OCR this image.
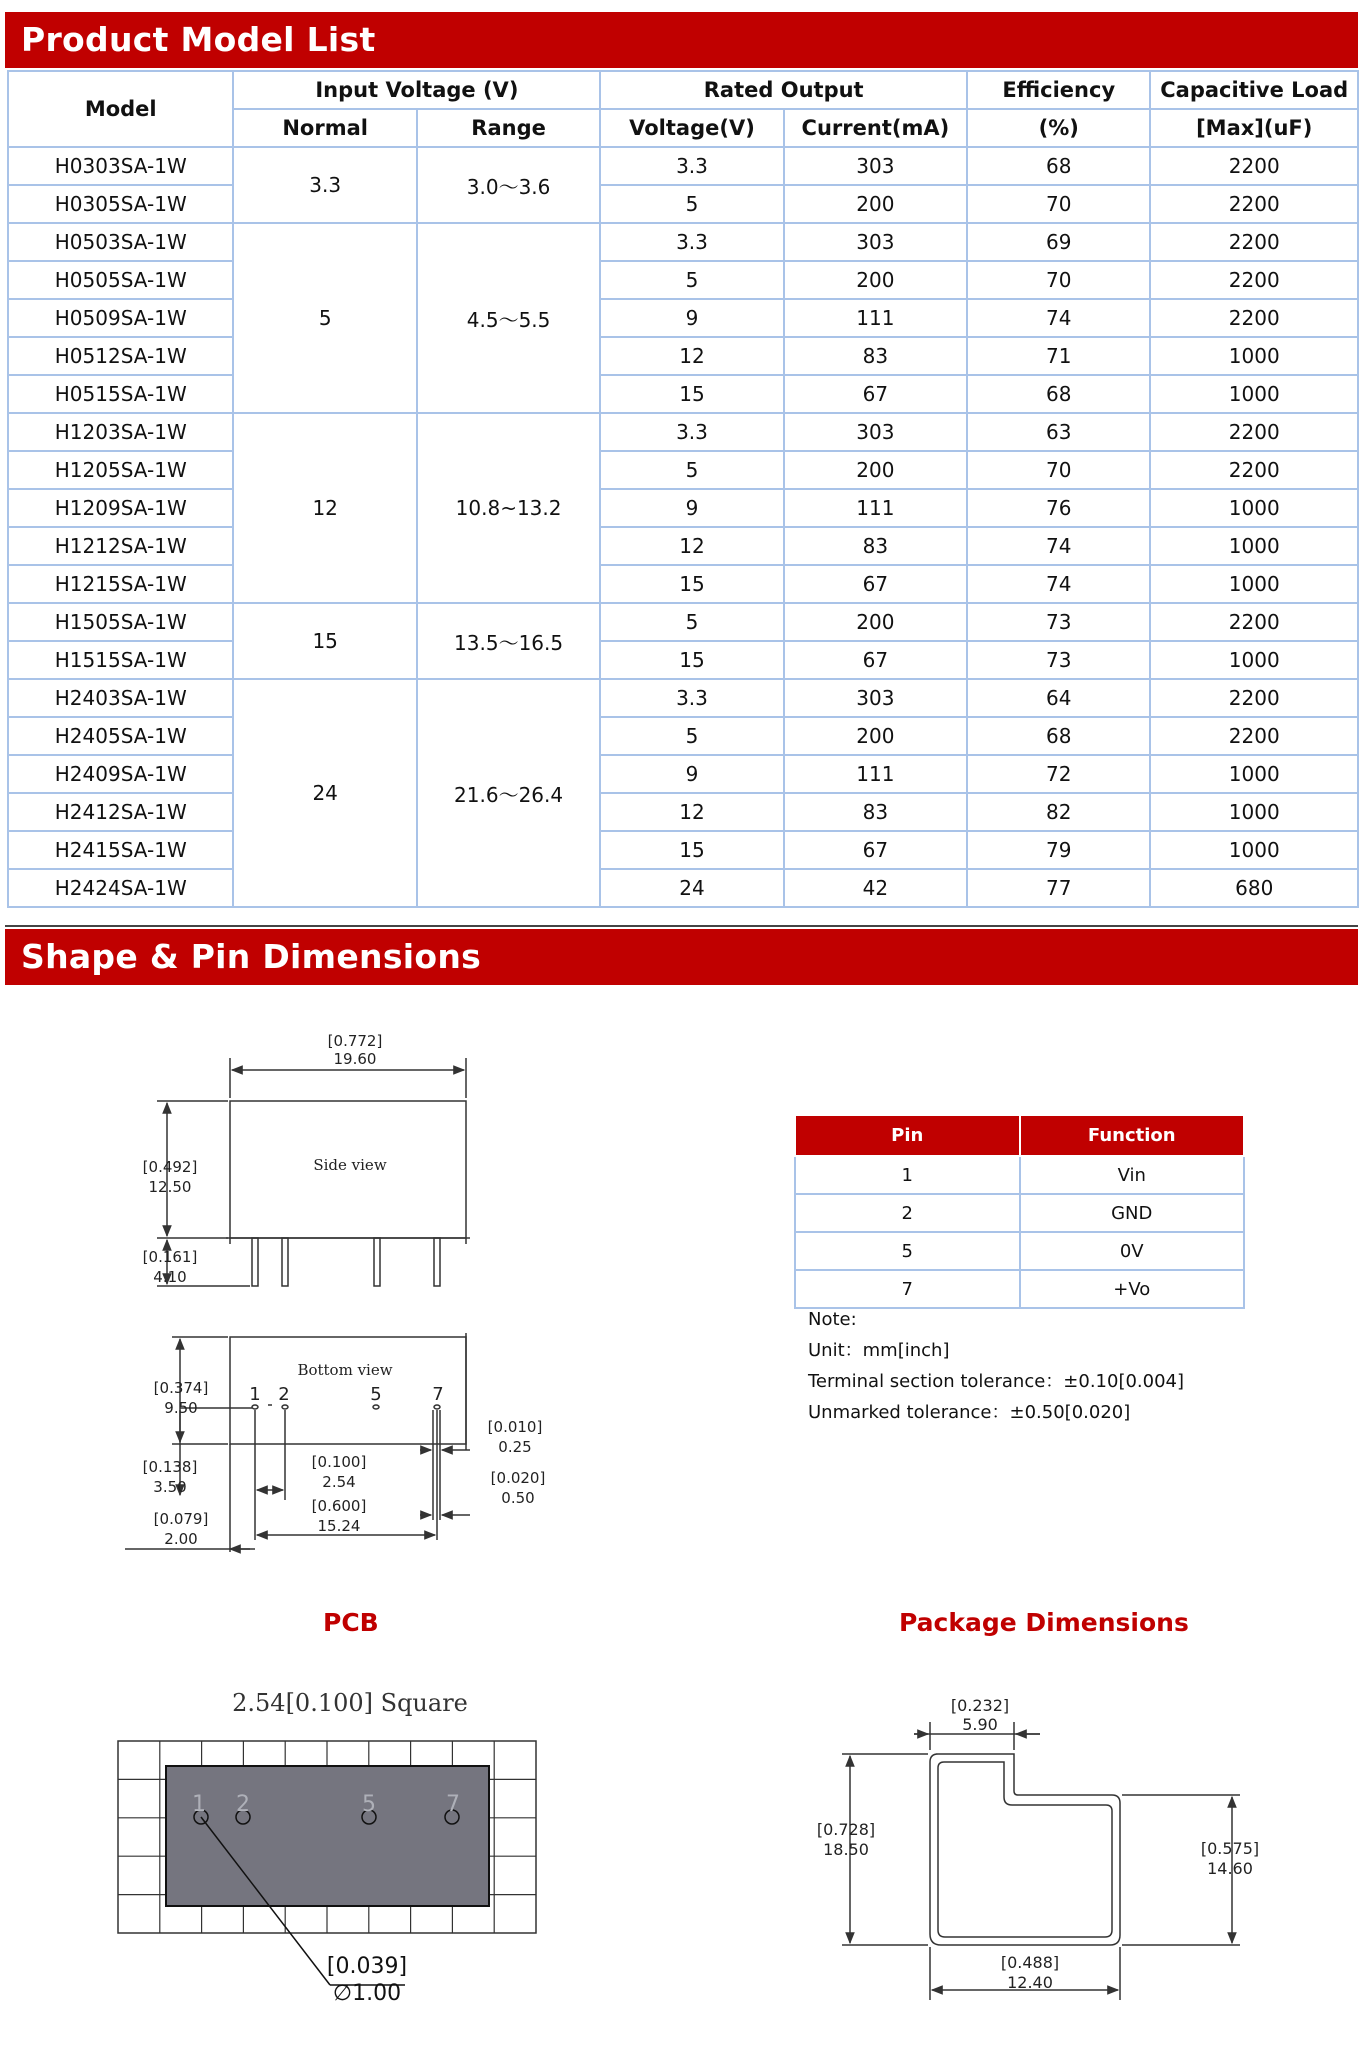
Product Model List
Model	Input Voltage (V)		Rated Output		Efficiency	Capacitive Load
	Normal	Range	Voltage(V)	Current(mA)	(%)	[Max](uF)
H0303SA-1W	3.3	3.0～3.6	3.3	303	68	2200
H0305SA-1W			5	200	70	2200
H0503SA-1W	5	4.5～5.5	3.3	303	69	2200
H0505SA-1W			5	200	70	2200
H0509SA-1W			9	111	74	2200
H0512SA-1W			12	83	71	1000
H0515SA-1W			15	67	68	1000
H1203SA-1W	12	10.8~13.2	3.3	303	63	2200
H1205SA-1W			5	200	70	2200
H1209SA-1W			9	111	76	1000
H1212SA-1W			12	83	74	1000
H1215SA-1W			15	67	74	1000
H1505SA-1W	15	13.5～16.5	5	200	73	2200
H1515SA-1W			15	67	73	1000
H2403SA-1W	24	21.6～26.4	3.3	303	64	2200
H2405SA-1W			5	200	68	2200
H2409SA-1W			9	111	72	1000
H2412SA-1W			12	83	82	1000
H2415SA-1W			15	67	79	1000
H2424SA-1W			24	42	77	680
Shape & Pin Dimensions
Side view
[0.772]
19.60
[0.492]
12.50
[0.161]
4.10
Bottom view
1 2	5	7
[0.374]
9.50
[0.138]
3.50
[0.079]
2.00
[0.100]
2.54
[0.600]
15.24
[0.010]
0.25
[0.020]
0.50
1 2	5	7
2.54[0.100] Square
[0.039]
∅1.00
[0.232]
5.90
[0.728]
18.50	[0.575]
14.60
[0.488]
12.40
Pin	Function
1	Vin
2	GND
5	0V
7	+Vo
Note:
Unit：mm[inch]
Terminal section tolerance：±0.10[0.004]
Unmarked tolerance：±0.50[0.020]
PCB	Package Dimensions
